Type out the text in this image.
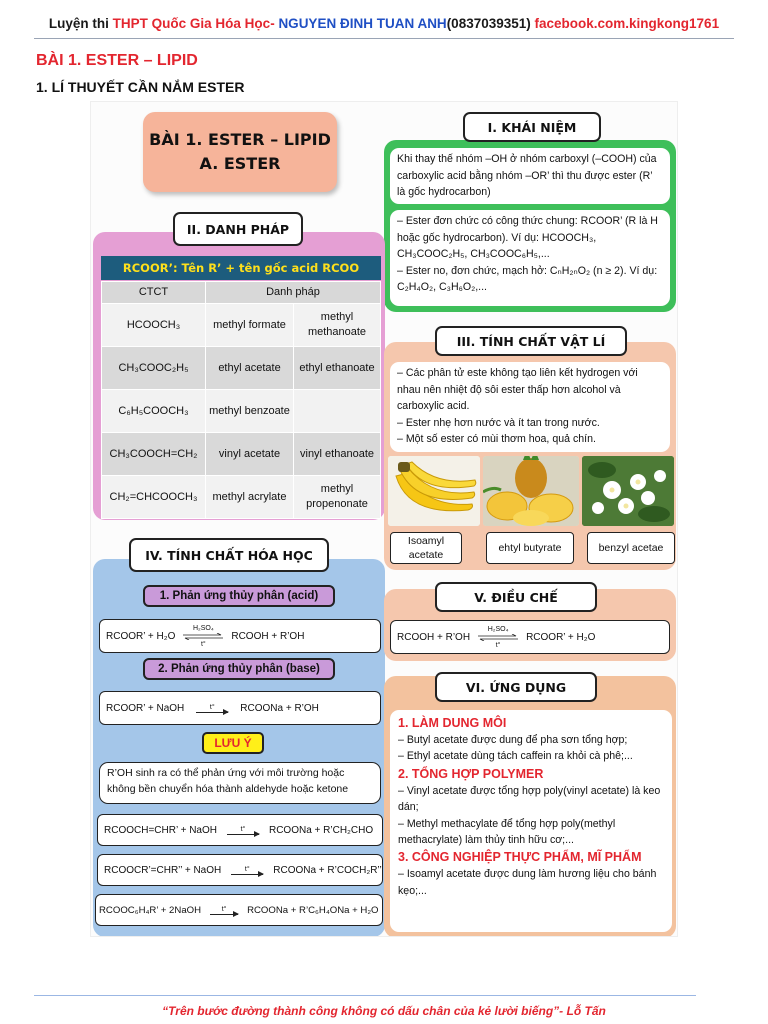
Luyện thi THPT Quốc Gia Hóa Học- NGUYEN ĐINH TUAN ANH(0837039351) facebook.com.kingkong1761
BÀI 1. ESTER – LIPID
1. LÍ THUYẾT CẦN NẮM ESTER
BÀI 1. ESTER – LIPID
A. ESTER
I. KHÁI NIỆM
Khi thay thế nhóm –OH ở nhóm carboxyl (–COOH) của carboxylic acid bằng nhóm –OR’ thì thu được ester (R’ là gốc hydrocarbon)
– Ester đơn chức có công thức chung: RCOOR’ (R là H hoặc gốc hydrocarbon). Ví dụ: HCOOCH₃, CH₃COOC₂H₅, CH₃COOC₆H₅,...
– Ester no, đơn chức, mạch hở: CₙH₂ₙO₂ (n ≥ 2). Ví dụ: C₂H₄O₂, C₃H₆O₂,...
RCOOR’: Tên R’ + tên gốc acid RCOO
CTCT	Danh pháp	
HCOOCH₃	methyl formate	methyl methanoate
CH₃COOC₂H₅	ethyl acetate	ethyl ethanoate
C₆H₅COOCH₃	methyl benzoate	
CH₃COOCH=CH₂	vinyl acetate	vinyl ethanoate
CH₂=CHCOOCH₃	methyl acrylate	methyl propenonate
II. DANH PHÁP
III. TÍNH CHẤT VẬT LÍ
– Các phân tử este không tạo liên kết hydrogen với nhau nên nhiệt độ sôi ester thấp hơn alcohol và carboxylic acid.
– Ester nhẹ hơn nước và ít tan trong nước.
– Một số ester có mùi thơm hoa, quả chín.
Isoamyl acetate
ehtyl butyrate	benzyl acetae
IV. TÍNH CHẤT HÓA HỌC
1. Phản ứng thủy phân (acid)
RCOOR’ + H₂O
H₂SO₄
t°
RCOOH + R’OH
2. Phản ứng thủy phân (base)
RCOOR’ + NaOH	t°	RCOONa + R’OH
LƯU Ý
R’OH sinh ra có thể phản ứng với môi trường hoặc không bền chuyển hóa thành aldehyde hoặc ketone
RCOOCH=CHR’ + NaOH	t° RCOONa + R’CH₂CHO
RCOOCR’=CHR’’ + NaOH	t° RCOONa + R’COCH₂R’’
RCOOC₆H₄R’ + 2NaOH	t° RCOONa + R’C₆H₄ONa + H₂O
V. ĐIỀU CHẾ
RCOOH + R’OH
H₂SO₄
t°
RCOOR’ + H₂O
VI. ỨNG DỤNG
1. LÀM DUNG MÔI
– Butyl acetate được dung để pha sơn tổng hợp;
– Ethyl acetate dùng tách caffein ra khỏi cà phê;...
2. TỔNG HỢP POLYMER
– Vinyl acetate được tổng hợp poly(vinyl acetate) là keo dán;
– Methyl methacylate để tổng hợp poly(methyl methacrylate) làm thủy tinh hữu cơ;...
3. CÔNG NGHIỆP THỰC PHẨM, MĨ PHẨM
– Isoamyl acetate được dung làm hương liệu cho bánh kẹo;...
“Trên bước đường thành công không có dấu chân của kẻ lười biếng”- Lỗ Tấn
